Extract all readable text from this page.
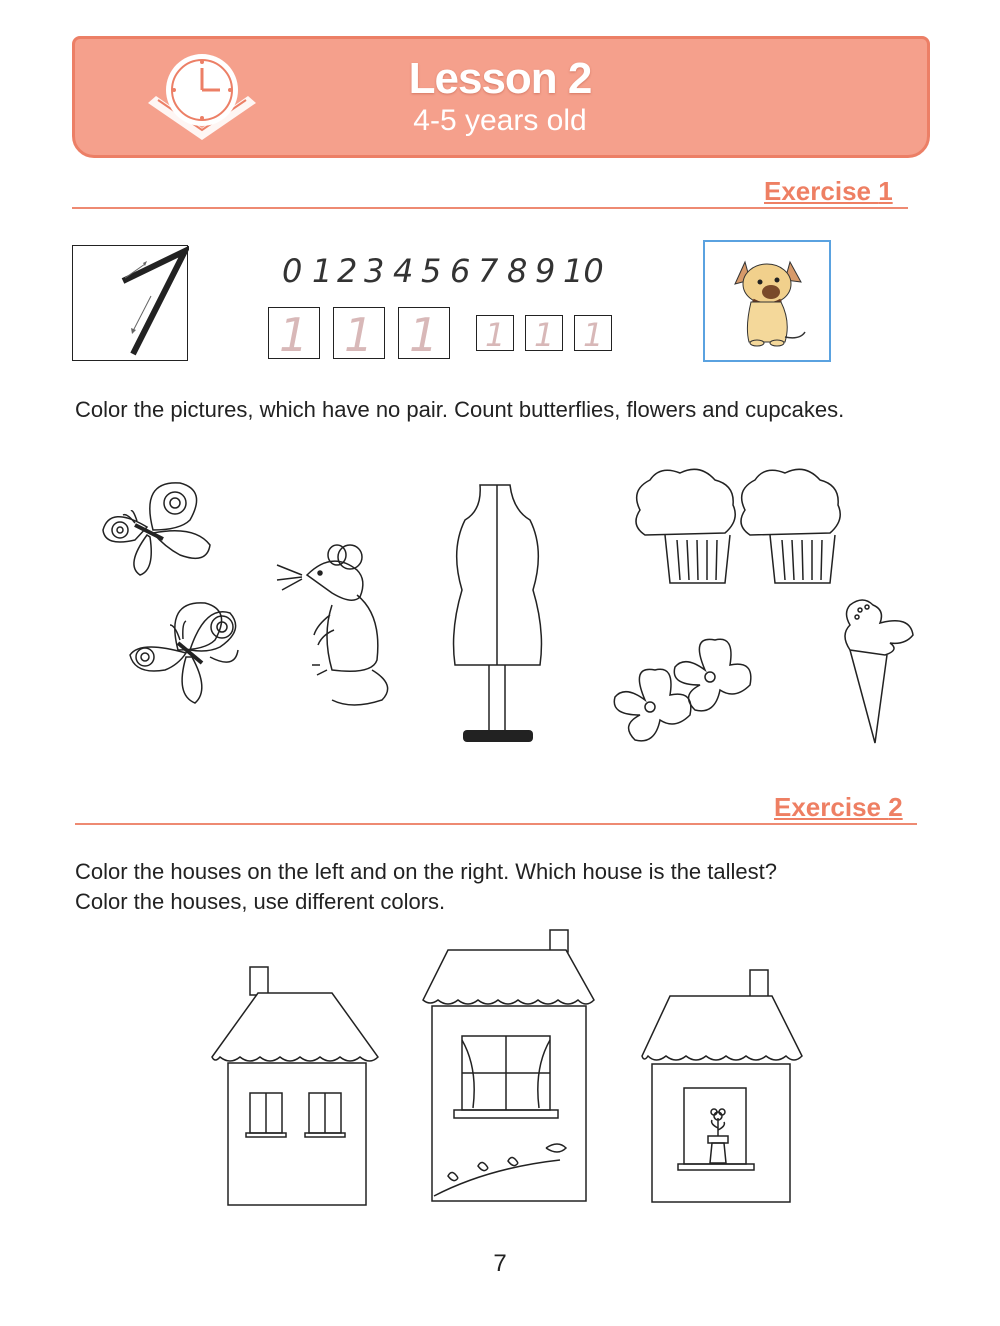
Lesson 2
4-5 years old
Exercise 1
0 1 2 3 4 5 6 7 8 9 10
1 1 1 1 1 1
Color the pictures, which have no pair. Count butterflies, flowers and cupcakes.
Exercise 2
Color the houses on the left and on the right. Which house is the tallest? Color the houses, use different colors.
7
